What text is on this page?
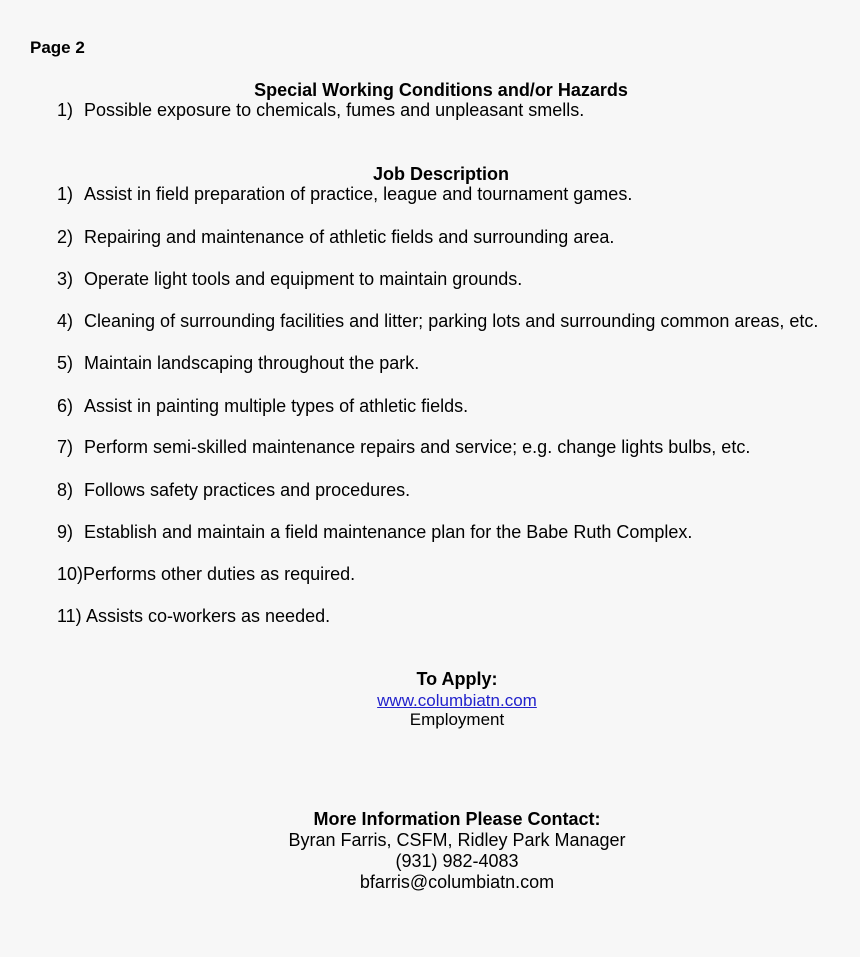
Page 2
Special Working Conditions and/or Hazards
1) Possible exposure to chemicals, fumes and unpleasant smells.
Job Description
1) Assist in field preparation of practice, league and tournament games.
2) Repairing and maintenance of athletic fields and surrounding area.
3) Operate light tools and equipment to maintain grounds.
4) Cleaning of surrounding facilities and litter; parking lots and surrounding common areas, etc.
5) Maintain landscaping throughout the park.
6) Assist in painting multiple types of athletic fields.
7) Perform semi-skilled maintenance repairs and service; e.g. change lights bulbs, etc.
8) Follows safety practices and procedures.
9) Establish and maintain a field maintenance plan for the Babe Ruth Complex.
10)Performs other duties as required.
11) Assists co-workers as needed.
To Apply:
www.columbiatn.com
Employment
More Information Please Contact:
Byran Farris, CSFM, Ridley Park Manager
(931) 982-4083
bfarris@columbiatn.com
